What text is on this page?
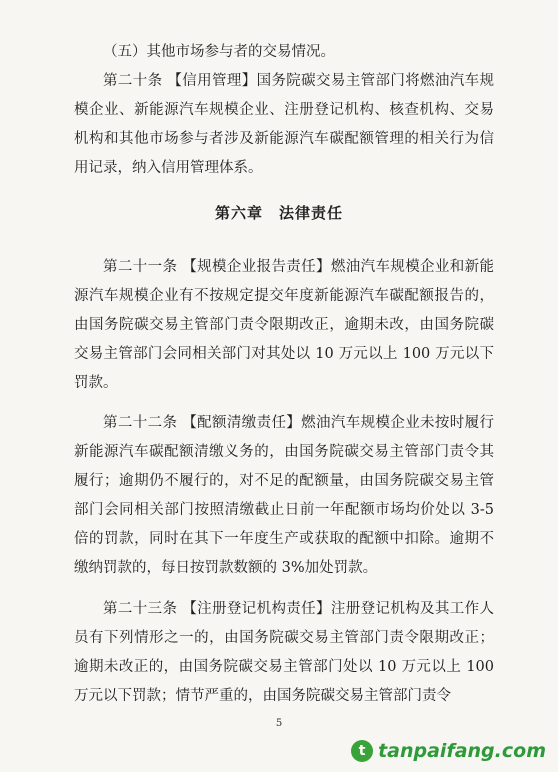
（五）其他市场参与者的交易情况。

第二十条 【信用管理】国务院碳交易主管部门将燃油汽车规模企业、新能源汽车规模企业、注册登记机构、核查机构、交易机构和其他市场参与者涉及新能源汽车碳配额管理的相关行为信用记录，纳入信用管理体系。

第六章　法律责任

第二十一条 【规模企业报告责任】燃油汽车规模企业和新能源汽车规模企业有不按规定提交年度新能源汽车碳配额报告的，由国务院碳交易主管部门责令限期改正，逾期未改，由国务院碳交易主管部门会同相关部门对其处以 10 万元以上 100 万元以下罚款。

第二十二条 【配额清缴责任】燃油汽车规模企业未按时履行新能源汽车碳配额清缴义务的，由国务院碳交易主管部门责令其履行；逾期仍不履行的，对不足的配额量，由国务院碳交易主管部门会同相关部门按照清缴截止日前一年配额市场均价处以 3-5 倍的罚款，同时在其下一年度生产或获取的配额中扣除。逾期不缴纳罚款的，每日按罚款数额的 3%加处罚款。

第二十三条 【注册登记机构责任】注册登记机构及其工作人员有下列情形之一的，由国务院碳交易主管部门责令限期改正；逾期未改正的，由国务院碳交易主管部门处以 10 万元以上 100 万元以下罚款；情节严重的，由国务院碳交易主管部门责令

5
t tanpaifang.com
